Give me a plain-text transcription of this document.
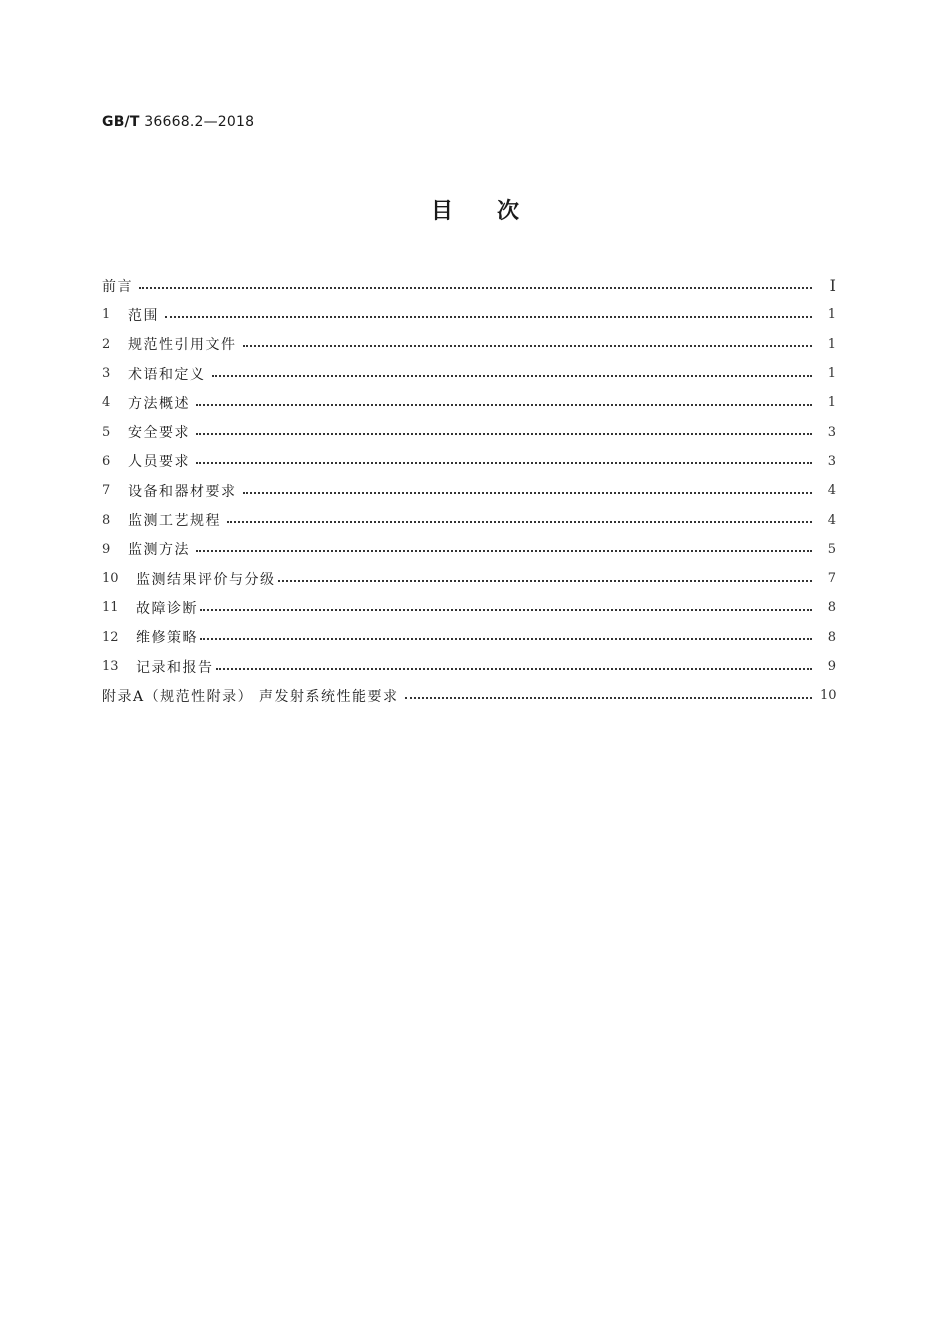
GB/T 36668.2—2018
目次
前言	Ⅰ
1	范围	1
2	规范性引用文件	1
3	术语和定义	1
4	方法概述	1
5	安全要求	3
6	人员要求	3
7	设备和器材要求	4
8	监测工艺规程	4
9	监测方法	5
10	监测结果评价与分级	7
11	故障诊断	8
12	维修策略	8
13	记录和报告	9
附录A（规范性附录） 声发射系统性能要求	10
